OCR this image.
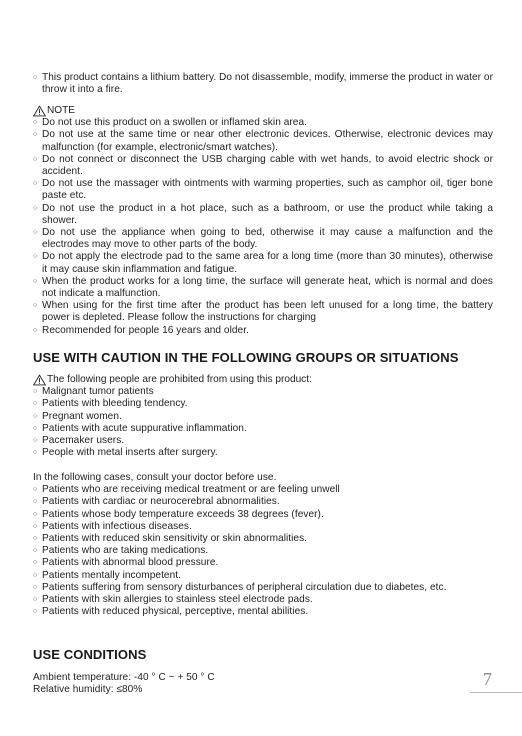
○ This product contains a lithium battery. Do not disassemble, modify, immerse the product in water or throw it into a fire.
NOTE
○ Do not use this product on a swollen or inflamed skin area.
○ Do not use at the same time or near other electronic devices. Otherwise, electronic devices may malfunction (for example, electronic/smart watches).
○ Do not connect or disconnect the USB charging cable with wet hands, to avoid electric shock or accident.
○ Do not use the massager with ointments with warming properties, such as camphor oil, tiger bone paste etc.
○ Do not use the product in a hot place, such as a bathroom, or use the product while taking a shower.
○ Do not use the appliance when going to bed, otherwise it may cause a malfunction and the electrodes may move to other parts of the body.
○ Do not apply the electrode pad to the same area for a long time (more than 30 minutes), otherwise it may cause skin inflammation and fatigue.
○ When the product works for a long time, the surface will generate heat, which is normal and does not indicate a malfunction.
○ When using for the first time after the product has been left unused for a long time, the battery power is depleted. Please follow the instructions for charging
○ Recommended for people 16 years and older.
USE WITH CAUTION IN THE FOLLOWING GROUPS OR SITUATIONS
The following people are prohibited from using this product:
○ Malignant tumor patients
○ Patients with bleeding tendency.
○ Pregnant women.
○ Patients with acute suppurative inflammation.
○ Pacemaker users.
○ People with metal inserts after surgery.
In the following cases, consult your doctor before use.
○ Patients who are receiving medical treatment or are feeling unwell
○ Patients with cardiac or neurocerebral abnormalities.
○ Patients whose body temperature exceeds 38 degrees (fever).
○ Patients with infectious diseases.
○ Patients with reduced skin sensitivity or skin abnormalities.
○ Patients who are taking medications.
○ Patients with abnormal blood pressure.
○ Patients mentally incompetent.
○ Patients suffering from sensory disturbances of peripheral circulation due to diabetes, etc.
○ Patients with skin allergies to stainless steel electrode pads.
○ Patients with reduced physical, perceptive, mental abilities.
USE CONDITIONS
Ambient temperature: -40 ° C ~ + 50 ° C
Relative humidity: ≤80%
7
